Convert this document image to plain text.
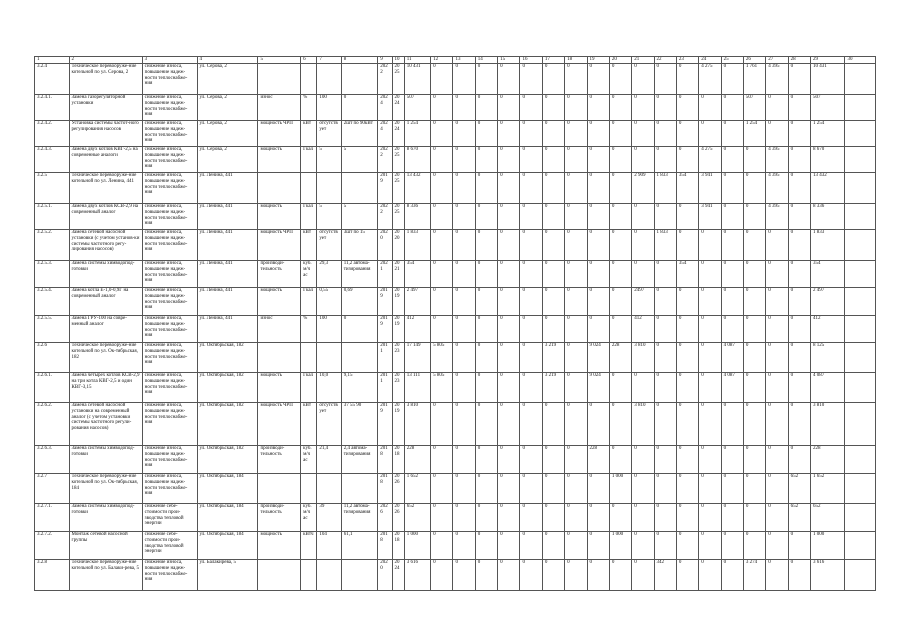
1	2	3	4	5	6	7	8	9	10	11	12	13	14	15	16	17	18	19	20	21	22	23	24	25	26	27	28	29	30
3.2.4	Техническое перевооруже-ние котельной по ул. Серова, 2	снижение износа, повышение надеж-ности теплоснабже-ния	ул. Серова, 2					2022	2025	10 431	0	0	0	0	0	0	0	0	0	0	0	0	4 275	0	1 761	4 395	0	10 431	
3.2.4.1.	Замена газорегуляторной установки	снижение износа, повышение надеж-ности теплоснабже-ния	ул. Серова, 2	износ	%	100	0	2024	2024	507	0	0	0	0	0	0	0	0	0	0	0	0	0	0	507	0	0	507	
3.2.4.2.	Установка системы частот-ного регулирования насосов	снижение износа, повышение надеж-ности теплоснабже-ния	ул. Серова, 2	мощность ЧРП	кВт	отсутствует	2шт по 90кВт	2024	2024	1 254	0	0	0	0	0	0	0	0	0	0	0	0	0	0	1 254	0	0	1 254	
3.2.4.3.	Замена двух котлов КВГ-2,5 на современные аналоги	снижение износа, повышение надеж-ности теплоснабже-ния	ул. Серова, 2	мощность	Гкал	5	5	2022	2025	8 670	0	0	0	0	0	0	0	0	0	0	0	0	4 275	0	0	4 395	0	8 670	
3.2.5	Техническое перевооруже-ние котельной по ул. Ленина, 441	снижение износа, повышение надеж-ности теплоснабже-ния	ул. Ленина, 441					2019	2025	13 432	0	0	0	0	0	0	0	0	0	2 909	1 833	354	3 941	0	0	4 395	0	13 432	
3.2.5.1.	Замена двух котлов КСВ-2,9 на современный аналог	снижение износа, повышение надеж-ности теплоснабже-ния	ул. Ленина, 441	мощность	Гкал	5	5	2022	2025	8 336	0	0	0	0	0	0	0	0	0	0	0	0	3 941	0	0	4 395	0	8 336	
3.2.5.2.	Замена сетевой насосной установки (с учетом установ-ки системы частотного регу-лирования насосов)	снижение износа, повышение надеж-ности теплоснабже-ния	ул. Ленина, 441	мощность ЧРП	кВт	отсутствует	3шт по 15	2020	2020	1 833	0	0	0	0	0	0	0	0	0	0	1 833	0	0	0	0	0	0	1 833	
3.2.5.3.	Замена системы химводопод-готовки	снижение износа, повышение надеж-ности теплоснабже-ния	ул. Ленина, 441	производи-тельность	куб.м/ч ас	29,3	11,2 автома-тизирования	2021	2021	354	0	0	0	0	0	0	0	0	0	0	0	354	0	0	0	0	0	354	
3.2.5.4.	Замена котла Е-1,0-0,9Г на современный аналог	снижение износа, повышение надеж-ности теплоснабже-ния	ул. Ленина, 441	мощность	Гкал	0,55	0,69	2019	2019	2 497	0	0	0	0	0	0	0	0	0	2497	0	0	0	0	0	0	0	2 497	
3.2.5.5.	Замена ГРУ-100 на совре-менный аналог	снижение износа, повышение надеж-ности теплоснабже-ния	ул. Ленина, 441	износ	%	100	0	2019	2019	412	0	0	0	0	0	0	0	0	0	412	0	0	0	0	0	0	0	412	
3.2.6	Техническое перевооруже-ние котельной по ул. Ок-тябрьская, 182	снижение износа, повышение надеж-ности теплоснабже-ния	ул. Октябрьская, 182					2011	2023	17 149	5 805	0	0	0	0	3 219	0	9 024	228	3 810	0	0	0	4 087	0	0	0	8 125	
3.2.6.1.	Замена четырех котлов КСВ-2,9 на три котла КВГ-2,5 и один КВГ-3,15	снижение износа, повышение надеж-ности теплоснабже-ния	ул. Октябрьская, 182	мощность	Гкал	10,0	9,15	2011	2023	13 111	5 805	0	0	0	0	3 219	0	9 024	0	0	0	0	0	4 087	0	0	0	4 087	
3.2.6.2.	Замена сетевой насосной установки на современный аналог (с учетом установки системы частотного регули-рования насосов)	снижение износа, повышение надеж-ности теплоснабже-ния	ул. Октябрьская, 182	мощность ЧРП	кВт	отсутствует	37 55 90	2019	2019	3 810	0	0	0	0	0	0	0	0	0	3 810	0	0	0	0	0	0	0	3 810	
3.2.6.3.	Замена системы химводопод-готовки	снижение износа, повышение надеж-ности теплоснабже-ния	ул. Октябрьская, 182	производи-тельность	куб.м/ч ас	21,4	2,4 автома-тизирования	2018	2018	228	0	0	0	0	0	0	0	228	0	0	0	0	0	0	0	0	0	228	
3.2.7	Техническое перевооруже-ние котельной по ул. Ок-тябрьская, 184	снижение износа, повышение надеж-ности теплоснабже-ния	ул. Октябрьская, 184					2018	2026	1 652	0	0	0	0	0	0	0	0	1 000	0	0	0	0	0	0	0	652	1 652	
3.2.7.1.	Замена системы химводопод-готовки	снижение себе-стоимости прои-зводства тепловой энергии	ул. Октябрьская, 184	производи-тельность	куб.м/ч ас	39	11,2 автома-тизирования	2026	2026	652	0	0	0	0	0	0	0	0	0	0	0	0	0	0	0	0	652	652	
3.2.7.2.	Монтаж сетевой насосной группы	снижение себе-стоимости прои-зводства тепловой энергии	ул. Октябрьская, 184	мощность	кВтч	104	61,1	2018	2018	1 000	0	0	0	0	0	0	0	0	1 000	0	0	0	0	0	0	0	0	1 000	
3.2.8	Техническое перевооруже-ние котельной по ул. Балаки-рева, 5	снижение износа, повышение надеж-ности теплоснабже-ния	ул. Балакирева, 5					2020	2024	3 616	0	0	0	0	0	0	0	0	0	0	342	0	0	0	3 274	0	0	3 616	
